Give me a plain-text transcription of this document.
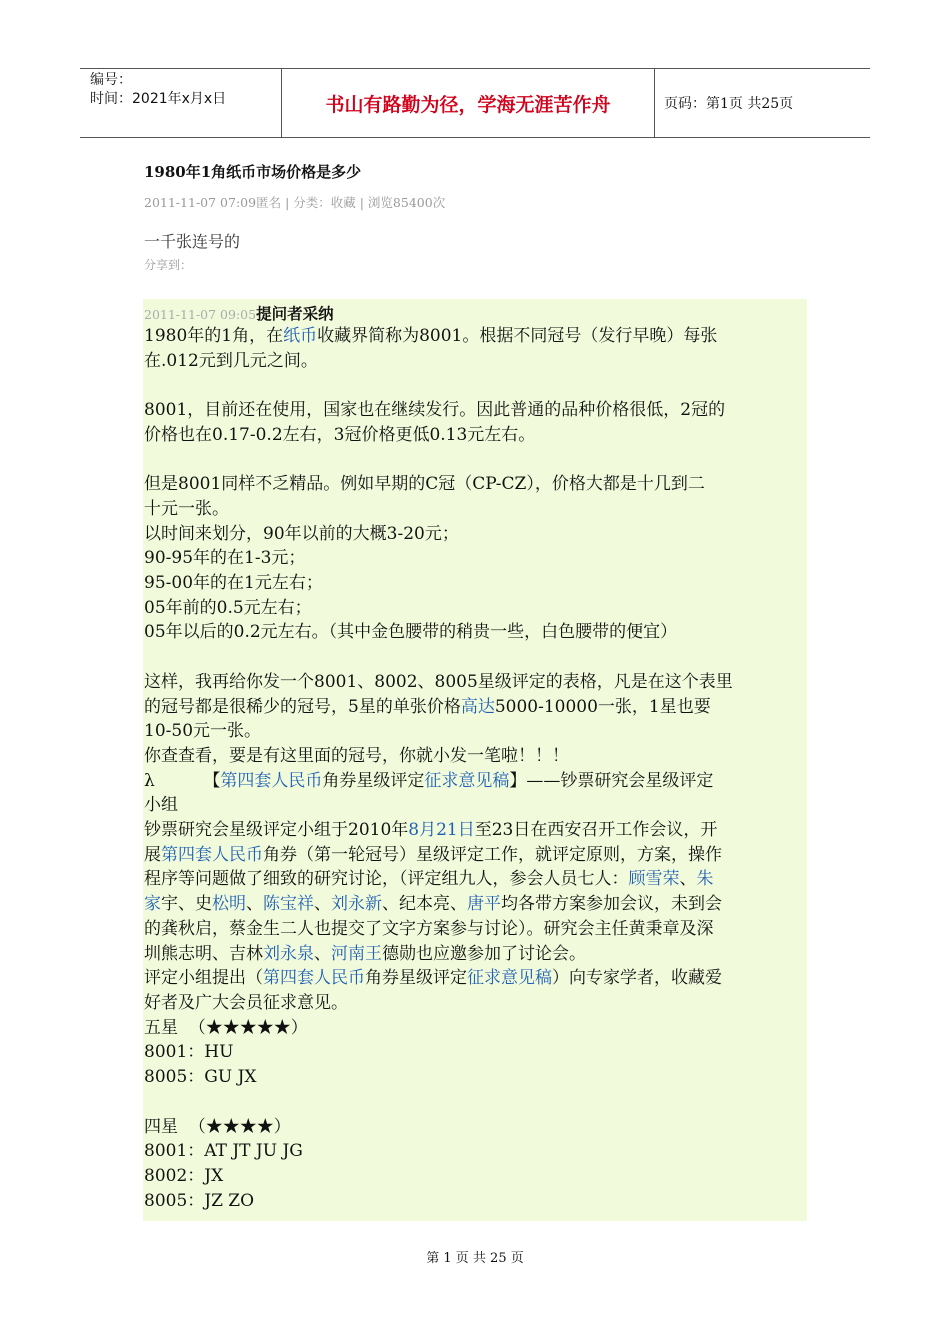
编号：
时间：2021年x月x日	书山有路勤为径，学海无涯苦作舟	页码：第1页 共25页
1980年1角纸币市场价格是多少
2011-11-07 07:09匿名 | 分类：收藏 | 浏览85400次
一千张连号的
分享到：
2011-11-07 09:05提问者采纳

1980年的1角，在纸币收藏界简称为8001。根据不同冠号（发行早晚）每张

在.012元到几元之间。

8001，目前还在使用，国家也在继续发行。因此普通的品种价格很低，2冠的

价格也在0.17-0.2左右，3冠价格更低0.13元左右。

但是8001同样不乏精品。例如早期的C冠（CP-CZ），价格大都是十几到二

十元一张。

以时间来划分，90年以前的大概3-20元；

90-95年的在1-3元；

95-00年的在1元左右；

05年前的0.5元左右；

05年以后的0.2元左右。（其中金色腰带的稍贵一些，白色腰带的便宜）

这样，我再给你发一个8001、8002、8005星级评定的表格，凡是在这个表里

的冠号都是很稀少的冠号，5星的单张价格高达5000-10000一张，1星也要

10-50元一张。

你查查看，要是有这里面的冠号，你就小发一笔啦！！！

λ         【第四套人民币角券星级评定征求意见稿】——钞票研究会星级评定

小组

钞票研究会星级评定小组于2010年8月21日至23日在西安召开工作会议，开

展第四套人民币角券（第一轮冠号）星级评定工作，就评定原则，方案，操作

程序等问题做了细致的研究讨论，（评定组九人，参会人员七人：顾雪荣、朱

家宇、史松明、陈宝祥、刘永新、纪本亮、唐平均各带方案参加会议，未到会

的龚秋启，蔡金生二人也提交了文字方案参与讨论）。研究会主任黄秉章及深

圳熊志明、吉林刘永泉、河南王德勋也应邀参加了讨论会。

评定小组提出（第四套人民币角券星级评定征求意见稿）向专家学者，收藏爱

好者及广大会员征求意见。

五星  （★★★★★）

8001：HU

8005：GU JX

四星  （★★★★）

8001：AT JT JU JG

8002：JX

8005：JZ ZO

第 1 页 共 25 页
